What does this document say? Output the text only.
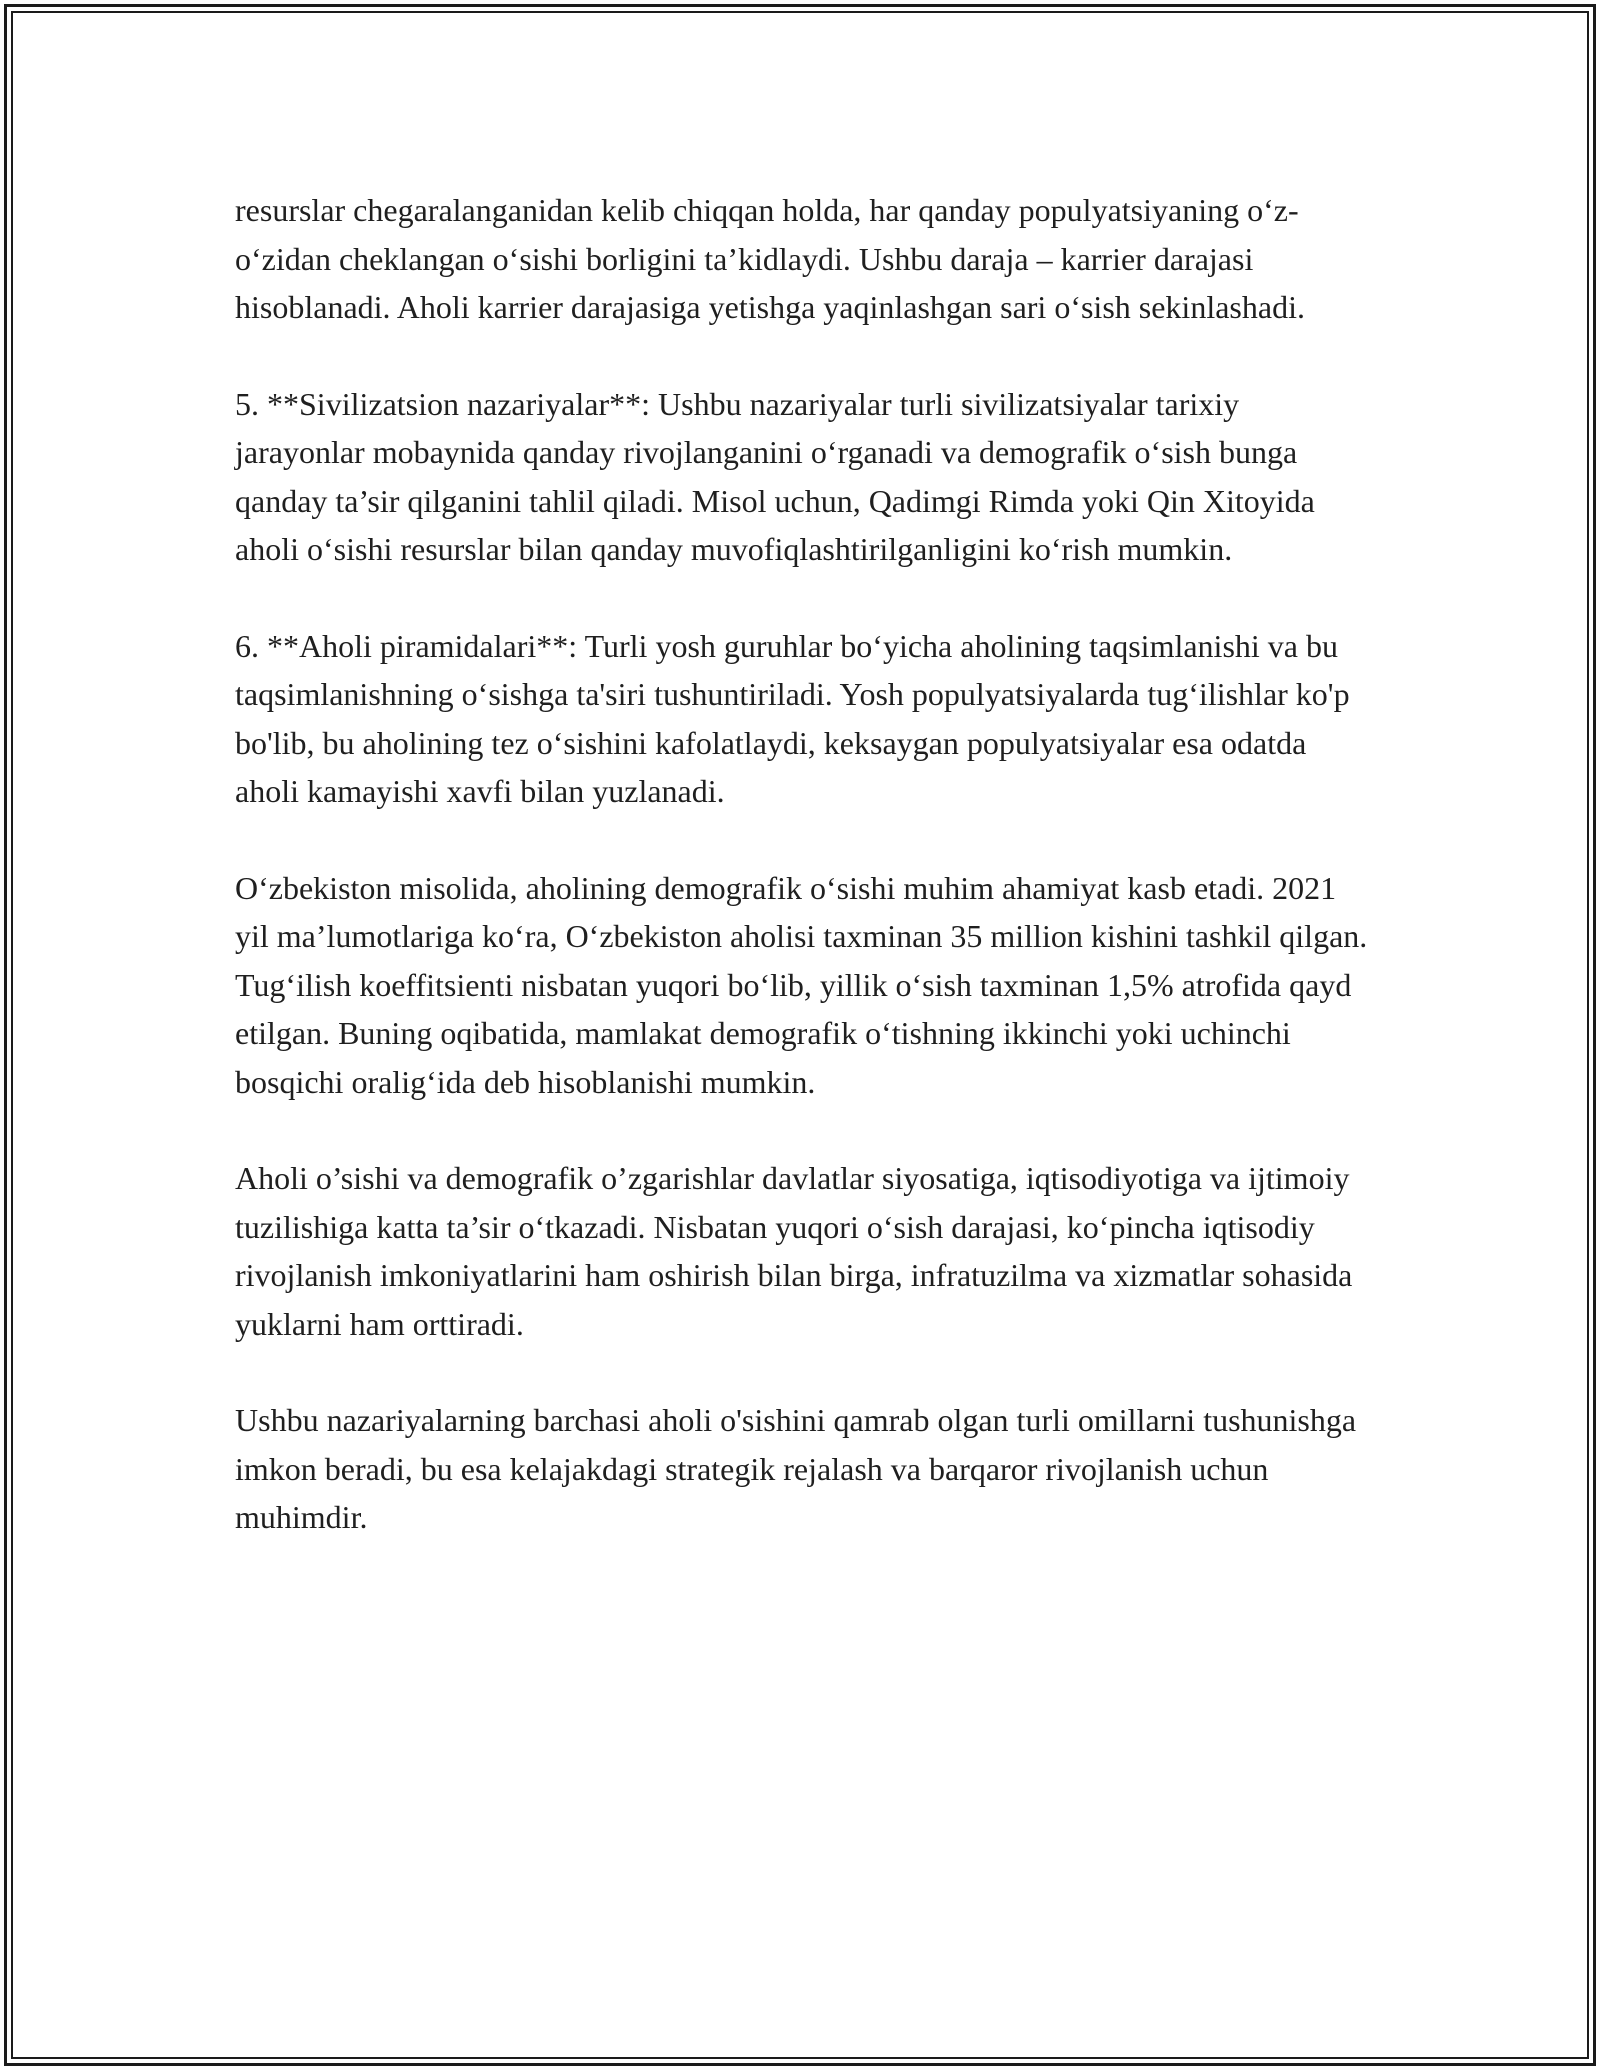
resurslar chegaralanganidan kelib chiqqan holda, har qanday populyatsiyaning o‘z-o‘zidan cheklangan o‘sishi borligini ta’kidlaydi. Ushbu daraja – karrier darajasi hisoblanadi. Aholi karrier darajasiga yetishga yaqinlashgan sari o‘sish sekinlashadi.

5. **Sivilizatsion nazariyalar**: Ushbu nazariyalar turli sivilizatsiyalar tarixiy jarayonlar mobaynida qanday rivojlanganini o‘rganadi va demografik o‘sish bunga qanday ta’sir qilganini tahlil qiladi. Misol uchun, Qadimgi Rimda yoki Qin Xitoyida aholi o‘sishi resurslar bilan qanday muvofiqlashtirilganligini ko‘rish mumkin.

6. **Aholi piramidalari**: Turli yosh guruhlar bo‘yicha aholining taqsimlanishi va bu taqsimlanishning o‘sishga ta'siri tushuntiriladi. Yosh populyatsiyalarda tug‘ilishlar ko'p bo'lib, bu aholining tez o‘sishini kafolatlaydi, keksaygan populyatsiyalar esa odatda aholi kamayishi xavfi bilan yuzlanadi.

O‘zbekiston misolida, aholining demografik o‘sishi muhim ahamiyat kasb etadi. 2021 yil ma’lumotlariga ko‘ra, O‘zbekiston aholisi taxminan 35 million kishini tashkil qilgan. Tug‘ilish koeffitsienti nisbatan yuqori bo‘lib, yillik o‘sish taxminan 1,5% atrofida qayd etilgan. Buning oqibatida, mamlakat demografik o‘tishning ikkinchi yoki uchinchi bosqichi oralig‘ida deb hisoblanishi mumkin.

Aholi o’sishi va demografik o’zgarishlar davlatlar siyosatiga, iqtisodiyotiga va ijtimoiy tuzilishiga katta ta’sir o‘tkazadi. Nisbatan yuqori o‘sish darajasi, ko‘pincha iqtisodiy rivojlanish imkoniyatlarini ham oshirish bilan birga, infratuzilma va xizmatlar sohasida yuklarni ham orttiradi.

Ushbu nazariyalarning barchasi aholi o'sishini qamrab olgan turli omillarni tushunishga imkon beradi, bu esa kelajakdagi strategik rejalash va barqaror rivojlanish uchun muhimdir.
